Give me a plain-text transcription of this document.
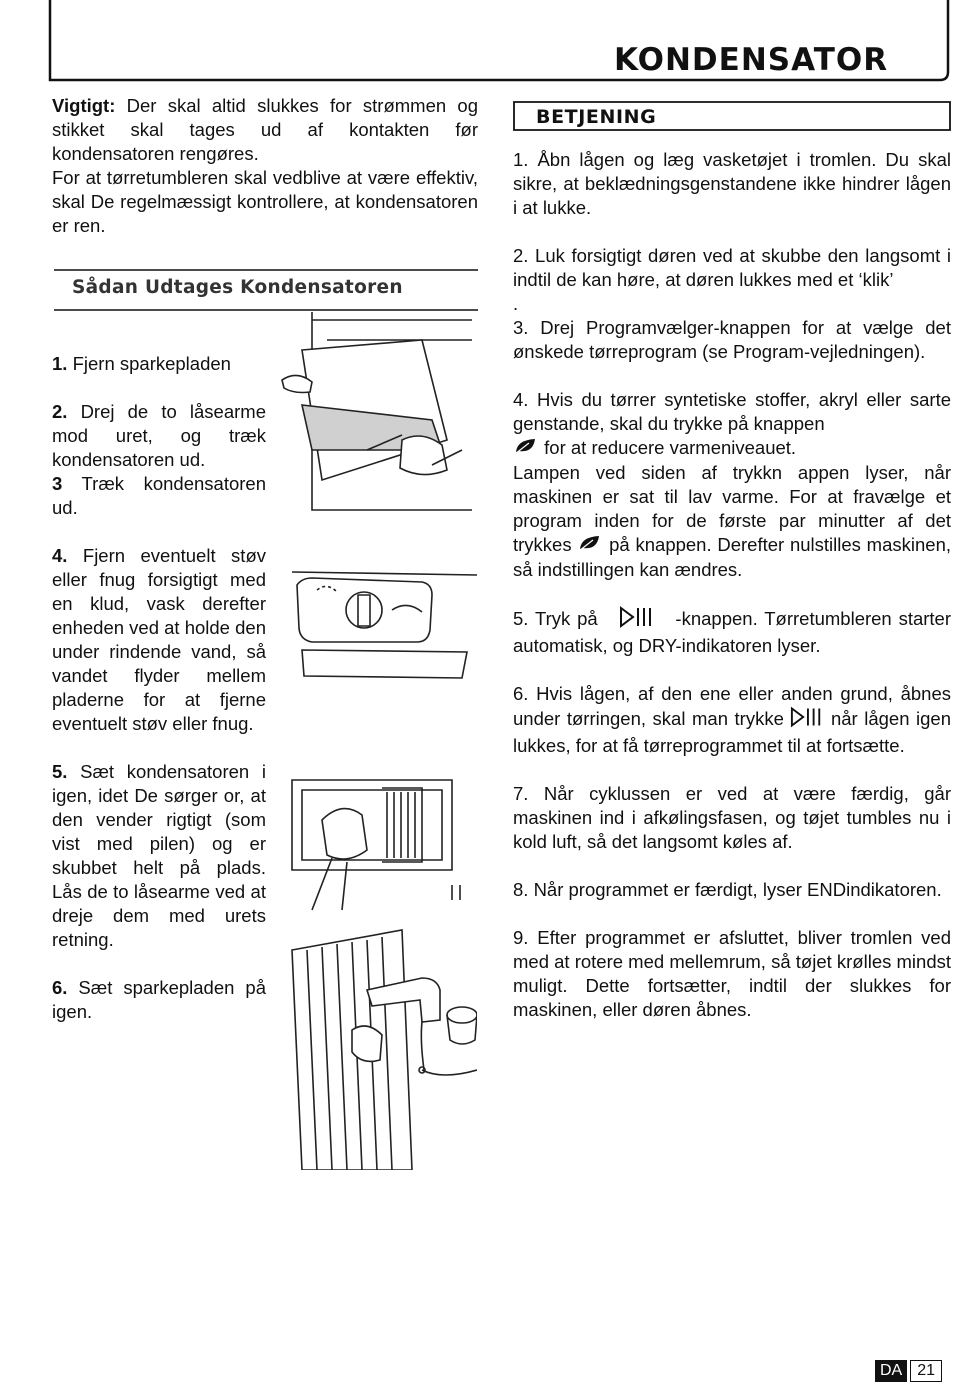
KONDENSATOR

Vigtigt: Der skal altid slukkes for strømmen og stikket skal tages ud af kontakten før kondensatoren rengøres.

For at tørretumbleren skal vedblive at være effektiv, skal De regelmæssigt kontrollere, at kondensatoren er ren.

Sådan Udtages Kondensatoren

1. Fjern sparkepladen

2. Drej de to låsearme mod uret, og træk kondensatoren ud.
3 Træk kondensatoren ud.

4. Fjern eventuelt støv eller fnug forsigtigt med en klud, vask derefter enheden ved at holde den under rindende vand, så vandet flyder mellem pladerne for at fjerne eventuelt støv eller fnug.

5. Sæt kondensatoren i igen, idet De sørger or, at den vender rigtigt (som vist med pilen) og er skubbet helt på plads. Lås de to låsearme ved at dreje dem med urets retning.

6. Sæt sparkepladen på igen.

BETJENING

1. Åbn lågen og læg vasketøjet i tromlen. Du skal sikre, at beklædningsgenstandene ikke hindrer lågen i at lukke.

2. Luk forsigtigt døren ved at skubbe den langsomt i indtil de kan høre, at døren lukkes med et ‘klik’

.

3. Drej Programvælger-knappen for at vælge det ønskede tørreprogram (se Program-vejledningen).

4. Hvis du tørrer syntetiske stoffer, akryl eller sarte genstande, skal du trykke på knappen
for at reducere varmeniveauet.

Lampen ved siden af trykkn appen lyser, når maskinen er sat til lav varme. For at fravælge et program inden for de første par minutter af det trykkes  på knappen. Derefter nulstilles maskinen, så indstillingen kan ændres.

5. Tryk på	-knappen. Tørretumbleren starter automatisk, og DRY-indikatoren lyser.

6. Hvis lågen, af den ene eller anden grund, åbnes under tørringen, skal man trykke  når lågen igen lukkes, for at få tørreprogrammet til at fortsætte.

7. Når cyklussen er ved at være færdig, går maskinen ind i afkølingsfasen, og tøjet tumbles nu i kold luft, så det langsomt køles af.

8. Når programmet er færdigt, lyser ENDindikatoren.

9. Efter programmet er afsluttet, bliver tromlen ved med at rotere med mellemrum, så tøjet krølles mindst muligt. Dette fortsætter, indtil der slukkes for maskinen, eller døren åbnes.

DA 21
